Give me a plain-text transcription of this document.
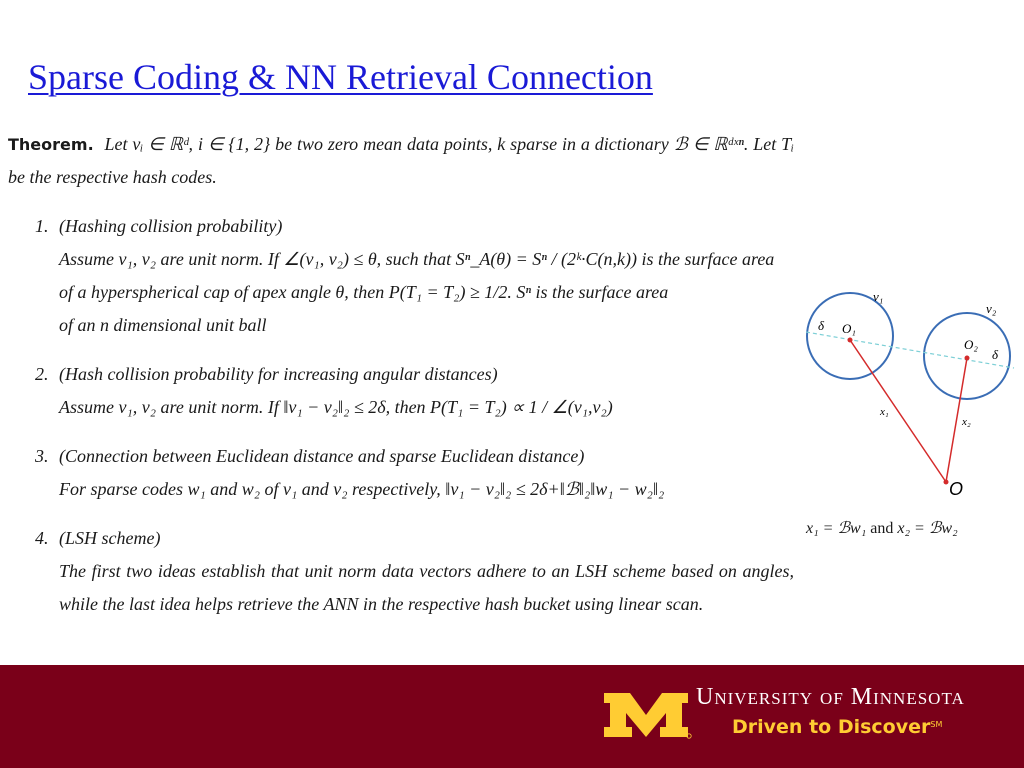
Sparse Coding & NN Retrieval Connection
Theorem. Let vᵢ ∈ ℝᵈ, i ∈ {1, 2} be two zero mean data points, k sparse in a dictionary ℬ ∈ ℝᵈˣⁿ. Let Tᵢ be the respective hash codes.
1. (Hashing collision probability)
Assume v₁, v₂ are unit norm. If ∠(v₁, v₂) ≤ θ, such that Sⁿ_A(θ) = Sⁿ / (2ᵏ·C(n,k)) is the surface area
of a hyperspherical cap of apex angle θ, then P(T₁ = T₂) ≥ 1/2. Sⁿ is the surface area
of an n dimensional unit ball
2. (Hash collision probability for increasing angular distances)
Assume v₁, v₂ are unit norm. If ‖v₁ − v₂‖₂ ≤ 2δ, then P(T₁ = T₂) ∝ 1 / ∠(v₁,v₂)
3. (Connection between Euclidean distance and sparse Euclidean distance)
For sparse codes w₁ and w₂ of v₁ and v₂ respectively, ‖v₁ − v₂‖₂ ≤ 2δ+‖ℬ‖₂‖w₁ − w₂‖₂
4. (LSH scheme)
The first two ideas establish that unit norm data vectors adhere to an LSH scheme based on angles, while the last idea helps retrieve the ANN in the respective hash bucket using linear scan.
v₁
v₂
O₁
O₂
δ
δ
x₁
x₂
O
x₁ = ℬw₁ and x₂ = ℬw₂
University of Minnesota
Driven to Discover℠
